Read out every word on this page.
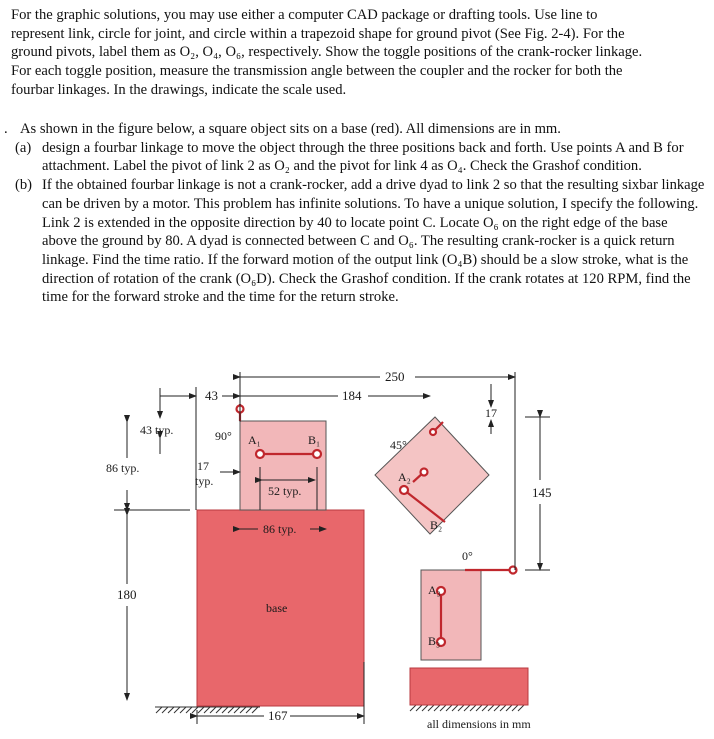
For the graphic solutions, you may use either a computer CAD package or drafting tools. Use line to

represent link, circle for joint, and circle within a trapezoid shape for ground pivot (See Fig. 2-4). For the

ground pivots, label them as O₂, O₄, O₆, respectively. Show the toggle positions of the crank-rocker linkage.

For each toggle position, measure the transmission angle between the coupler and the rocker for both the

fourbar linkages. In the drawings, indicate the scale used.

. As shown in the figure below, a square object sits on a base (red). All dimensions are in mm.

(a) design a fourbar linkage to move the object through the three positions back and forth. Use points A and B for attachment. Label the pivot of link 2 as O₂ and the pivot for link 4 as O₄. Check the Grashof condition.
(b) If the obtained fourbar linkage is not a crank-rocker, add a drive dyad to link 2 so that the resulting sixbar linkage can be driven by a motor. This problem has infinite solutions. To have a unique solution, I specify the following. Link 2 is extended in the opposite direction by 40 to locate point C. Locate O₆ on the right edge of the base above the ground by 80. A dyad is connected between C and O₆. The resulting crank-rocker is a quick return linkage. Find the time ratio. If the forward motion of the output link (O₄B) should be a slow stroke, what is the direction of rotation of the crank (O₆D). Check the Grashof condition. If the crank rotates at 120 RPM, find the time for the forward stroke and the time for the return stroke.
250
184
43
43 typ.	90° A₁	B₁	45°
17
86 typ.	17
typ.
52 typ.
A₂
B₂
145
86 typ.
0°
180
base
A₃
B₃
167
all dimensions in mm
